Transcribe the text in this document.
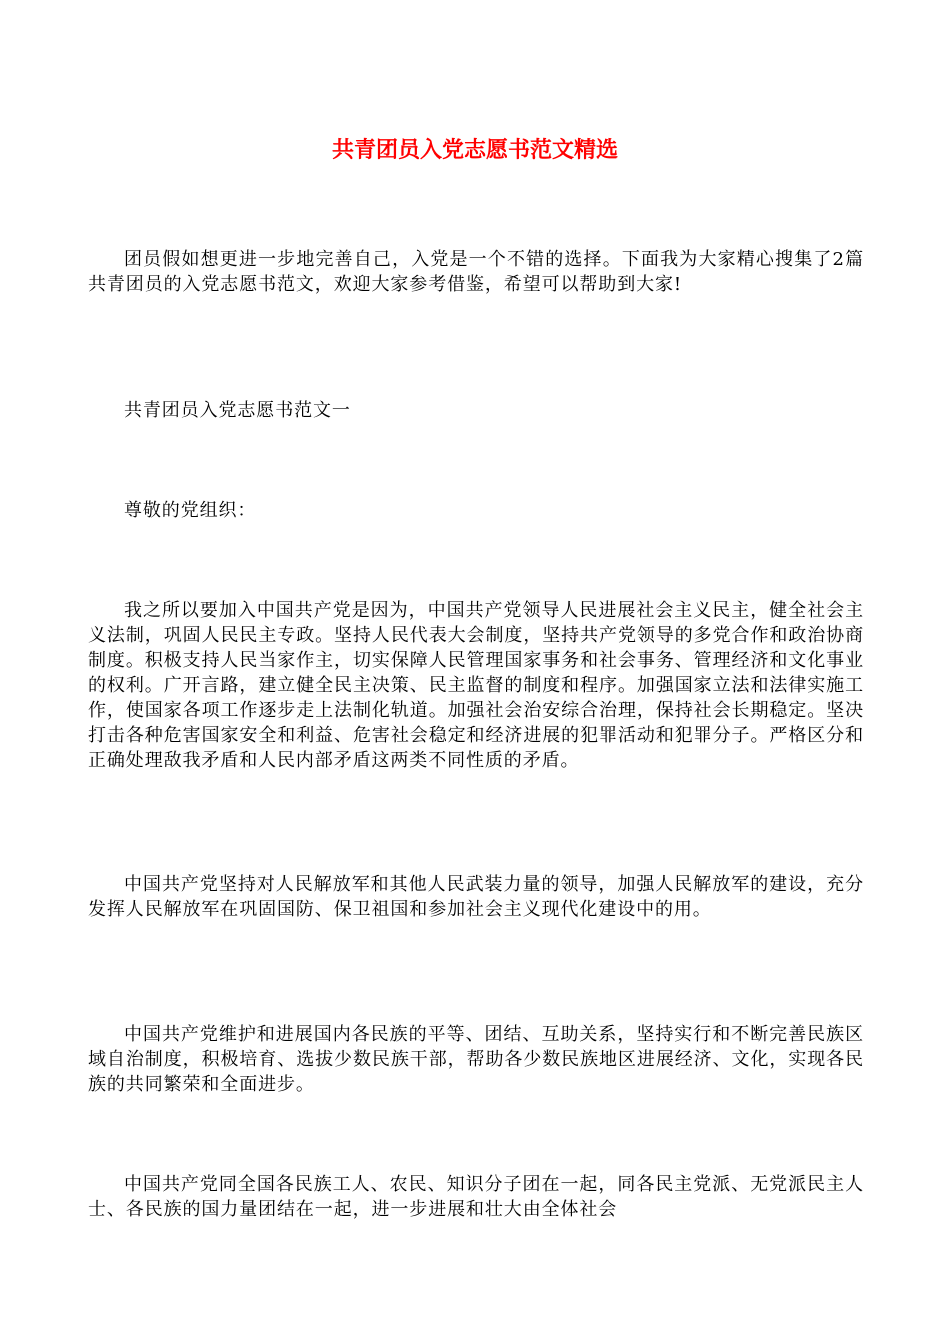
共青团员入党志愿书范文精选

团员假如想更进一步地完善自己，入党是一个不错的选择。下面我为大家精心搜集了2篇共青团员的入党志愿书范文，欢迎大家参考借鉴，希望可以帮助到大家!

共青团员入党志愿书范文一

尊敬的党组织：

我之所以要加入中国共产党是因为，中国共产党领导人民进展社会主义民主，健全社会主义法制，巩固人民民主专政。坚持人民代表大会制度，坚持共产党领导的多党合作和政治协商制度。积极支持人民当家作主，切实保障人民管理国家事务和社会事务、管理经济和文化事业的权利。广开言路，建立健全民主决策、民主监督的制度和程序。加强国家立法和法律实施工作，使国家各项工作逐步走上法制化轨道。加强社会治安综合治理，保持社会长期稳定。坚决打击各种危害国家安全和利益、危害社会稳定和经济进展的犯罪活动和犯罪分子。严格区分和正确处理敌我矛盾和人民内部矛盾这两类不同性质的矛盾。

中国共产党坚持对人民解放军和其他人民武装力量的领导，加强人民解放军的建设，充分发挥人民解放军在巩固国防、保卫祖国和参加社会主义现代化建设中的用。

中国共产党维护和进展国内各民族的平等、团结、互助关系，坚持实行和不断完善民族区域自治制度，积极培育、选拔少数民族干部，帮助各少数民族地区进展经济、文化，实现各民族的共同繁荣和全面进步。

中国共产党同全国各民族工人、农民、知识分子团在一起，同各民主党派、无党派民主人士、各民族的国力量团结在一起，进一步进展和壮大由全体社会
